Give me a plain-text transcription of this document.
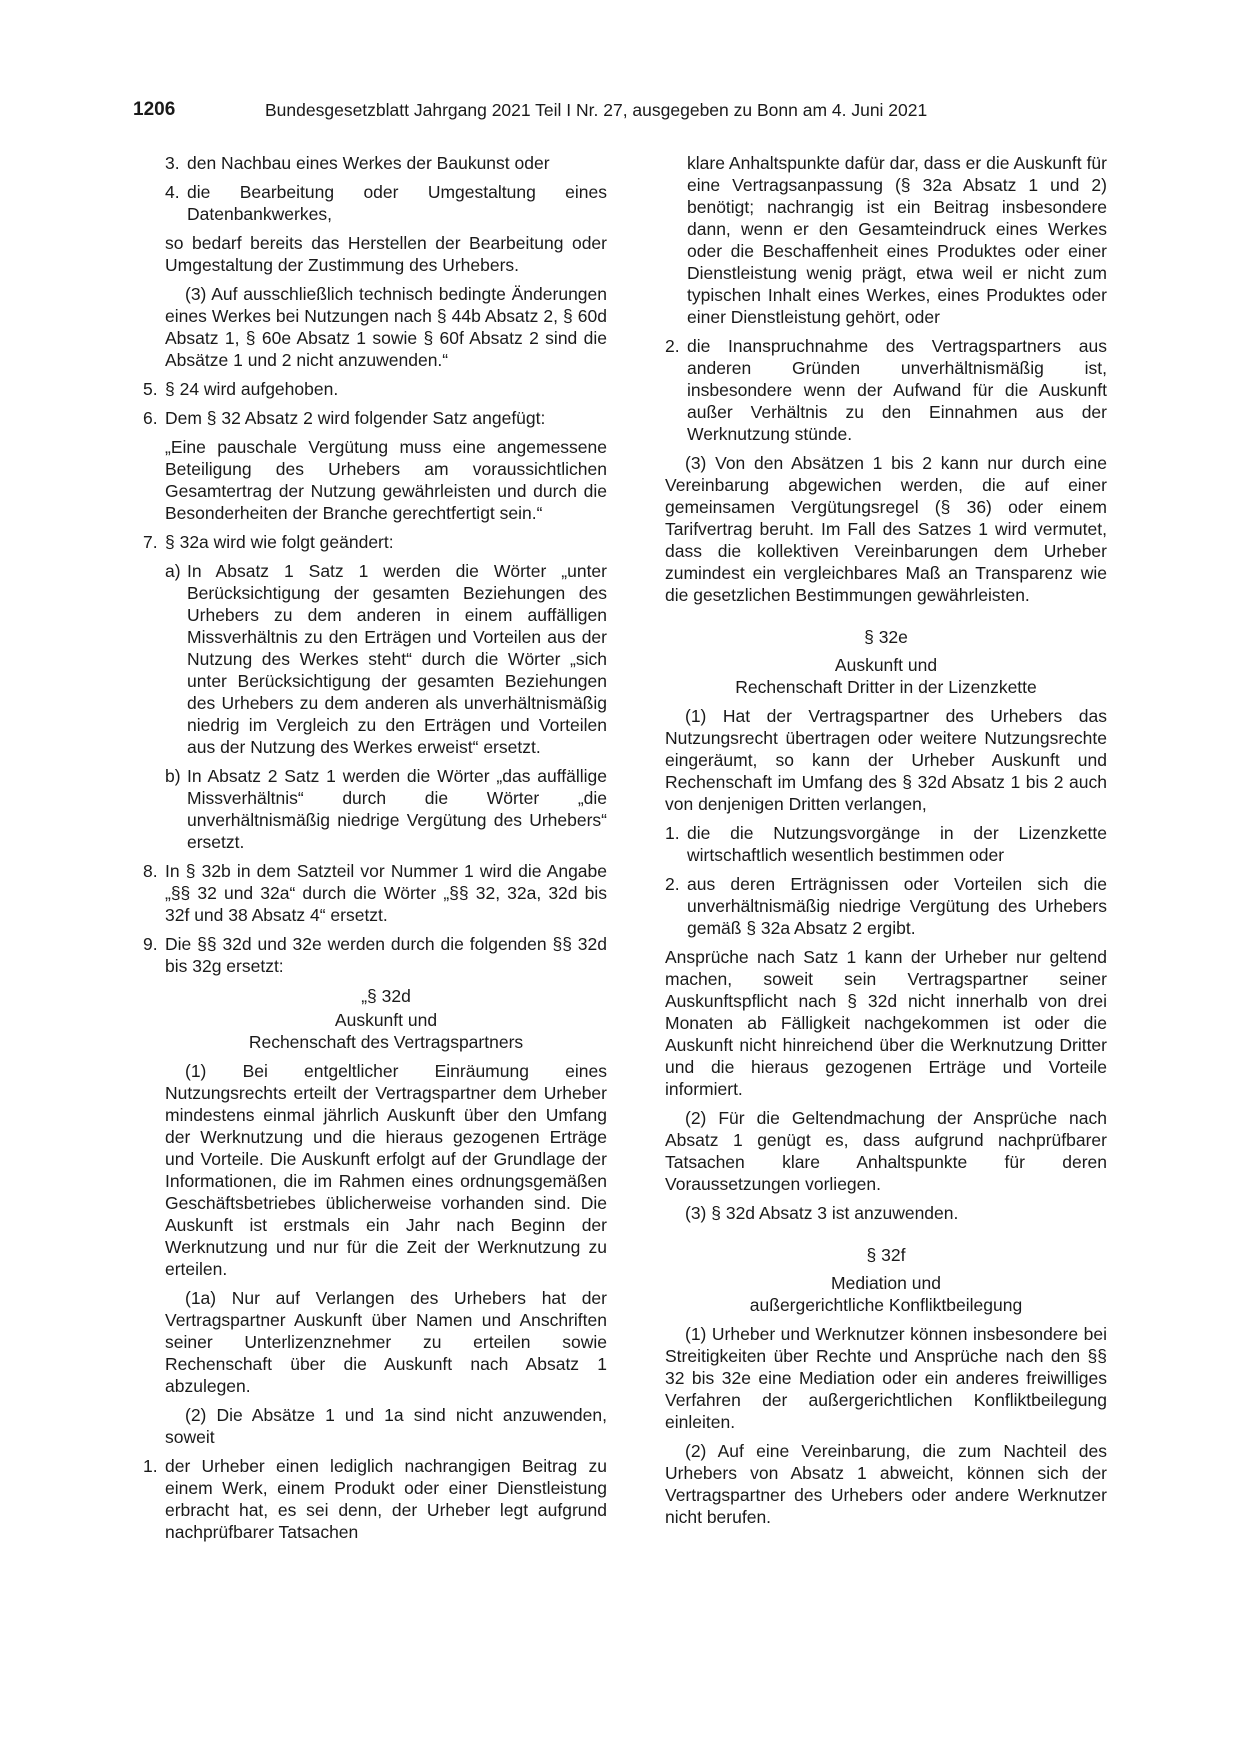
1206	Bundesgesetzblatt Jahrgang 2021 Teil I Nr. 27, ausgegeben zu Bonn am 4. Juni 2021
3. den Nachbau eines Werkes der Baukunst oder
4. die Bearbeitung oder Umgestaltung eines Datenbankwerkes,

so bedarf bereits das Herstellen der Bearbeitung oder Umgestaltung der Zustimmung des Urhebers.

(3) Auf ausschließlich technisch bedingte Änderungen eines Werkes bei Nutzungen nach § 44b Absatz 2, § 60d Absatz 1, § 60e Absatz 1 sowie § 60f Absatz 2 sind die Absätze 1 und 2 nicht anzuwenden.“

5. § 24 wird aufgehoben.
6. Dem § 32 Absatz 2 wird folgender Satz angefügt:

„Eine pauschale Vergütung muss eine angemessene Beteiligung des Urhebers am voraussichtlichen Gesamtertrag der Nutzung gewährleisten und durch die Besonderheiten der Branche gerechtfertigt sein.“

7. § 32a wird wie folgt geändert:
a) In Absatz 1 Satz 1 werden die Wörter „unter Berücksichtigung der gesamten Beziehungen des Urhebers zu dem anderen in einem auffälligen Missverhältnis zu den Erträgen und Vorteilen aus der Nutzung des Werkes steht“ durch die Wörter „sich unter Berücksichtigung der gesamten Beziehungen des Urhebers zu dem anderen als unverhältnismäßig niedrig im Vergleich zu den Erträgen und Vorteilen aus der Nutzung des Werkes erweist“ ersetzt.
b) In Absatz 2 Satz 1 werden die Wörter „das auffällige Missverhältnis“ durch die Wörter „die unverhältnismäßig niedrige Vergütung des Urhebers“ ersetzt.
8. In § 32b in dem Satzteil vor Nummer 1 wird die Angabe „§§ 32 und 32a“ durch die Wörter „§§ 32, 32a, 32d bis 32f und 38 Absatz 4“ ersetzt.
9. Die §§ 32d und 32e werden durch die folgenden §§ 32d bis 32g ersetzt:
„§ 32d
Auskunft und
Rechenschaft des Vertragspartners

(1) Bei entgeltlicher Einräumung eines Nutzungsrechts erteilt der Vertragspartner dem Urheber mindestens einmal jährlich Auskunft über den Umfang der Werknutzung und die hieraus gezogenen Erträge und Vorteile. Die Auskunft erfolgt auf der Grundlage der Informationen, die im Rahmen eines ordnungsgemäßen Geschäftsbetriebes üblicherweise vorhanden sind. Die Auskunft ist erstmals ein Jahr nach Beginn der Werknutzung und nur für die Zeit der Werknutzung zu erteilen.

(1a) Nur auf Verlangen des Urhebers hat der Vertragspartner Auskunft über Namen und Anschriften seiner Unterlizenznehmer zu erteilen sowie Rechenschaft über die Auskunft nach Absatz 1 abzulegen.

(2) Die Absätze 1 und 1a sind nicht anzuwenden, soweit

1. der Urheber einen lediglich nachrangigen Beitrag zu einem Werk, einem Produkt oder einer Dienstleistung erbracht hat, es sei denn, der Urheber legt aufgrund nachprüfbarer Tatsachen

klare Anhaltspunkte dafür dar, dass er die Auskunft für eine Vertragsanpassung (§ 32a Absatz 1 und 2) benötigt; nachrangig ist ein Beitrag insbesondere dann, wenn er den Gesamteindruck eines Werkes oder die Beschaffenheit eines Produktes oder einer Dienstleistung wenig prägt, etwa weil er nicht zum typischen Inhalt eines Werkes, eines Produktes oder einer Dienstleistung gehört, oder

2. die Inanspruchnahme des Vertragspartners aus anderen Gründen unverhältnismäßig ist, insbesondere wenn der Aufwand für die Auskunft außer Verhältnis zu den Einnahmen aus der Werknutzung stünde.

(3) Von den Absätzen 1 bis 2 kann nur durch eine Vereinbarung abgewichen werden, die auf einer gemeinsamen Vergütungsregel (§ 36) oder einem Tarifvertrag beruht. Im Fall des Satzes 1 wird vermutet, dass die kollektiven Vereinbarungen dem Urheber zumindest ein vergleichbares Maß an Transparenz wie die gesetzlichen Bestimmungen gewährleisten.

§ 32e
Auskunft und
Rechenschaft Dritter in der Lizenzkette

(1) Hat der Vertragspartner des Urhebers das Nutzungsrecht übertragen oder weitere Nutzungsrechte eingeräumt, so kann der Urheber Auskunft und Rechenschaft im Umfang des § 32d Absatz 1 bis 2 auch von denjenigen Dritten verlangen,

1. die die Nutzungsvorgänge in der Lizenzkette wirtschaftlich wesentlich bestimmen oder
2. aus deren Erträgnissen oder Vorteilen sich die unverhältnismäßig niedrige Vergütung des Urhebers gemäß § 32a Absatz 2 ergibt.

Ansprüche nach Satz 1 kann der Urheber nur geltend machen, soweit sein Vertragspartner seiner Auskunftspflicht nach § 32d nicht innerhalb von drei Monaten ab Fälligkeit nachgekommen ist oder die Auskunft nicht hinreichend über die Werknutzung Dritter und die hieraus gezogenen Erträge und Vorteile informiert.

(2) Für die Geltendmachung der Ansprüche nach Absatz 1 genügt es, dass aufgrund nachprüfbarer Tatsachen klare Anhaltspunkte für deren Voraussetzungen vorliegen.

(3) § 32d Absatz 3 ist anzuwenden.

§ 32f
Mediation und
außergerichtliche Konfliktbeilegung

(1) Urheber und Werknutzer können insbesondere bei Streitigkeiten über Rechte und Ansprüche nach den §§ 32 bis 32e eine Mediation oder ein anderes freiwilliges Verfahren der außergerichtlichen Konfliktbeilegung einleiten.

(2) Auf eine Vereinbarung, die zum Nachteil des Urhebers von Absatz 1 abweicht, können sich der Vertragspartner des Urhebers oder andere Werknutzer nicht berufen.
